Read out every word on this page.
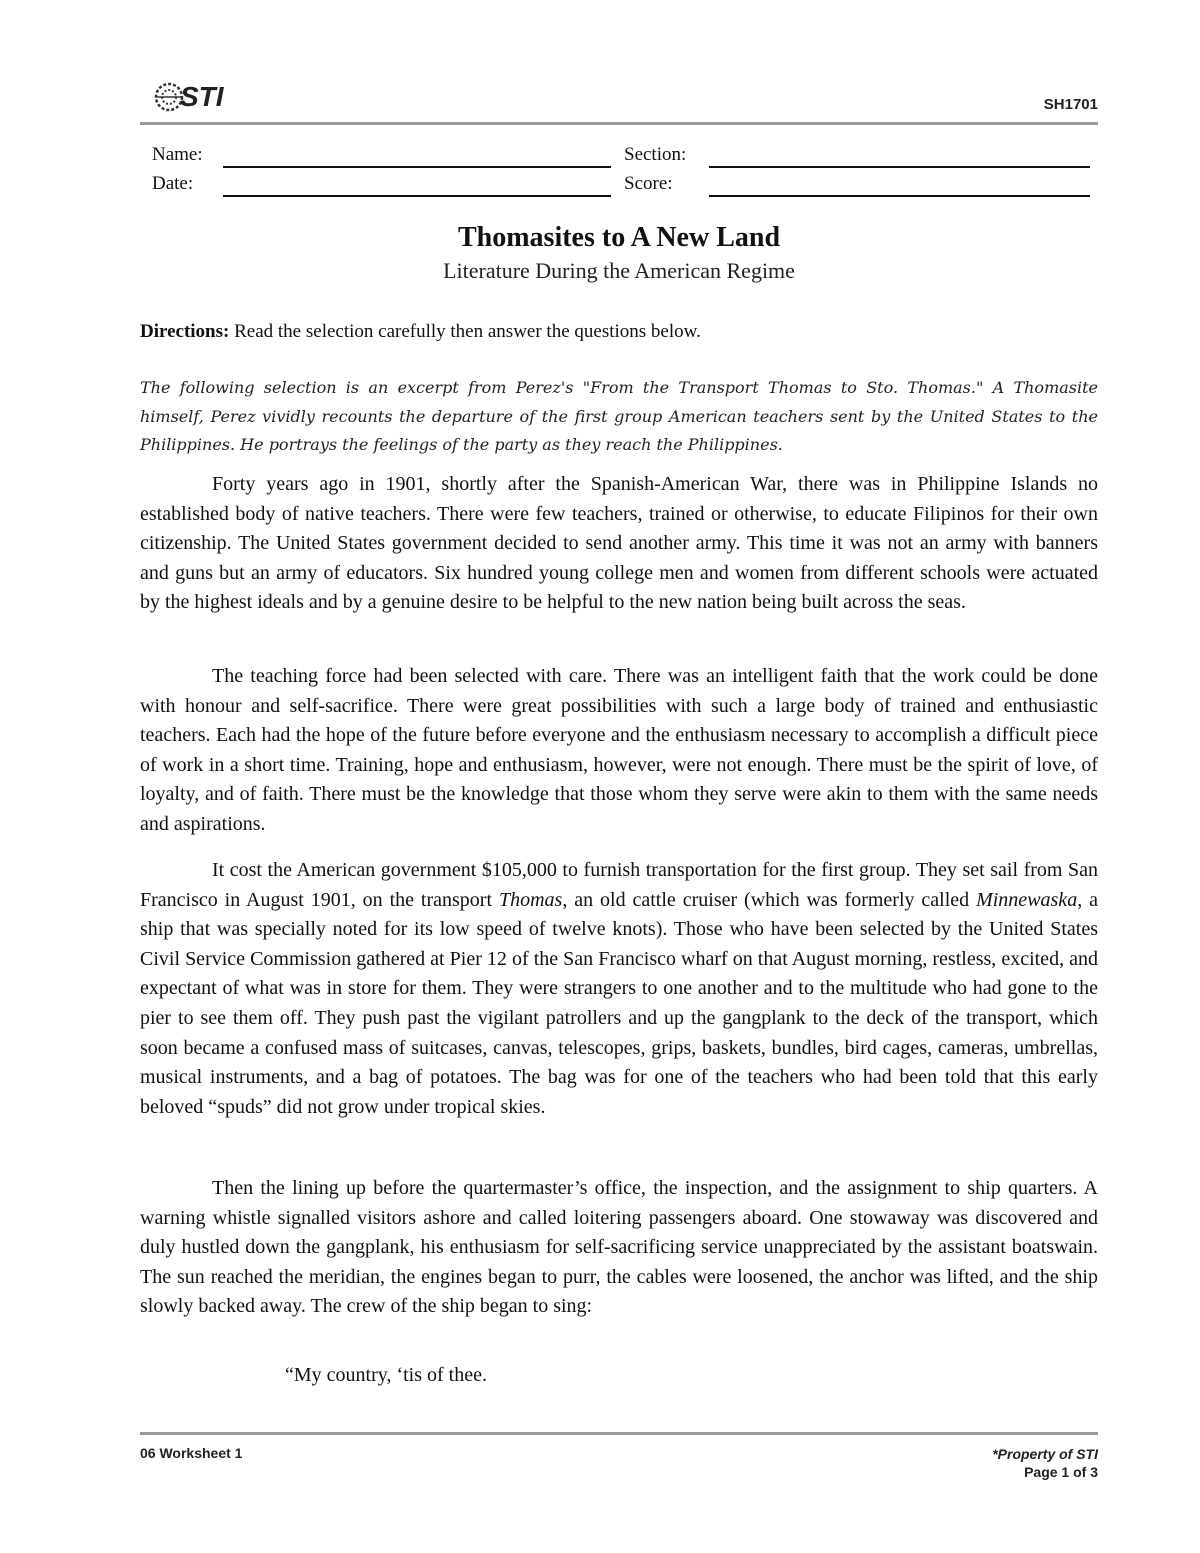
STI	SH1701
Name:	Section:
Date:	Score:
Thomasites to A New Land
Literature During the American Regime
Directions: Read the selection carefully then answer the questions below.
The following selection is an excerpt from Perez's "From the Transport Thomas to Sto. Thomas." A Thomasite himself, Perez vividly recounts the departure of the first group American teachers sent by the United States to the Philippines. He portrays the feelings of the party as they reach the Philippines.

Forty years ago in 1901, shortly after the Spanish-American War, there was in Philippine Islands no established body of native teachers. There were few teachers, trained or otherwise, to educate Filipinos for their own citizenship. The United States government decided to send another army. This time it was not an army with banners and guns but an army of educators. Six hundred young college men and women from different schools were actuated by the highest ideals and by a genuine desire to be helpful to the new nation being built across the seas.

The teaching force had been selected with care. There was an intelligent faith that the work could be done with honour and self-sacrifice. There were great possibilities with such a large body of trained and enthusiastic teachers. Each had the hope of the future before everyone and the enthusiasm necessary to accomplish a difficult piece of work in a short time. Training, hope and enthusiasm, however, were not enough. There must be the spirit of love, of loyalty, and of faith. There must be the knowledge that those whom they serve were akin to them with the same needs and aspirations.

It cost the American government $105,000 to furnish transportation for the first group. They set sail from San Francisco in August 1901, on the transport Thomas, an old cattle cruiser (which was formerly called Minnewaska, a ship that was specially noted for its low speed of twelve knots). Those who have been selected by the United States Civil Service Commission gathered at Pier 12 of the San Francisco wharf on that August morning, restless, excited, and expectant of what was in store for them. They were strangers to one another and to the multitude who had gone to the pier to see them off. They push past the vigilant patrollers and up the gangplank to the deck of the transport, which soon became a confused mass of suitcases, canvas, telescopes, grips, baskets, bundles, bird cages, cameras, umbrellas, musical instruments, and a bag of potatoes. The bag was for one of the teachers who had been told that this early beloved “spuds” did not grow under tropical skies.

Then the lining up before the quartermaster’s office, the inspection, and the assignment to ship quarters. A warning whistle signalled visitors ashore and called loitering passengers aboard. One stowaway was discovered and duly hustled down the gangplank, his enthusiasm for self-sacrificing service unappreciated by the assistant boatswain. The sun reached the meridian, the engines began to purr, the cables were loosened, the anchor was lifted, and the ship slowly backed away. The crew of the ship began to sing:

“My country, ‘tis of thee.
06 Worksheet 1	*Property of STI
Page 1 of 3
